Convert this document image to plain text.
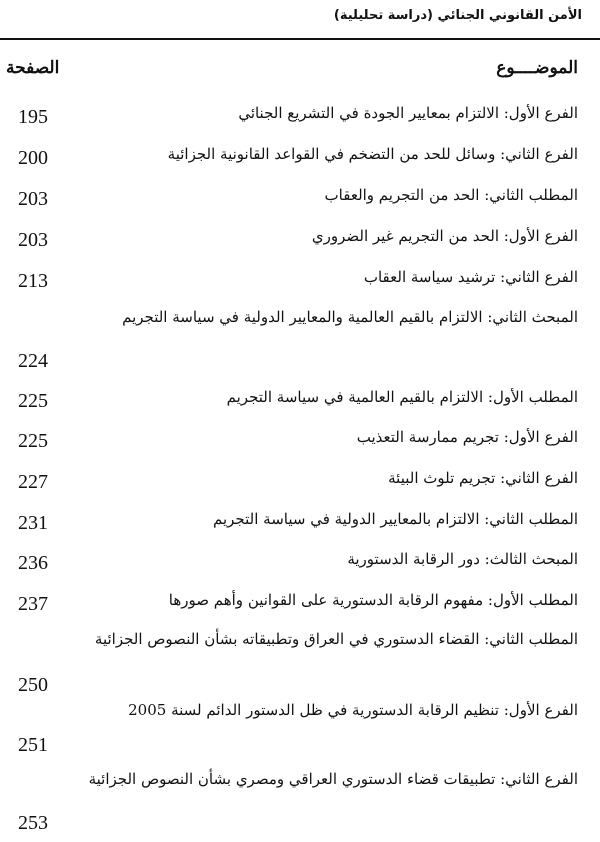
الأمن القانوني الجنائي (دراسة تحليلية)
الموضــــوع
الصفحة
الفرع الأول: الالتزام بمعايير الجودة في التشريع الجنائي
195
الفرع الثاني: وسائل للحد من التضخم في القواعد القانونية الجزائية
200
المطلب الثاني: الحد من التجريم والعقاب
203
الفرع الأول: الحد من التجريم غير الضروري
203
الفرع الثاني: ترشيد سياسة العقاب
213
المبحث الثاني: الالتزام بالقيم العالمية والمعايير الدولية في سياسة التجريم
224
المطلب الأول: الالتزام بالقيم العالمية في سياسة التجريم
225
الفرع الأول: تجريم ممارسة التعذيب
225
الفرع الثاني: تجريم تلوث البيئة
227
المطلب الثاني: الالتزام بالمعايير الدولية في سياسة التجريم
231
المبحث الثالث: دور الرقابة الدستورية
236
المطلب الأول: مفهوم الرقابة الدستورية على القوانين وأهم صورها
237
المطلب الثاني: القضاء الدستوري في العراق وتطبيقاته بشأن النصوص الجزائية
250
الفرع الأول: تنظيم الرقابة الدستورية في ظل الدستور الدائم لسنة 2005
251
الفرع الثاني: تطبيقات قضاء الدستوري العراقي ومصري بشأن النصوص الجزائية
253
